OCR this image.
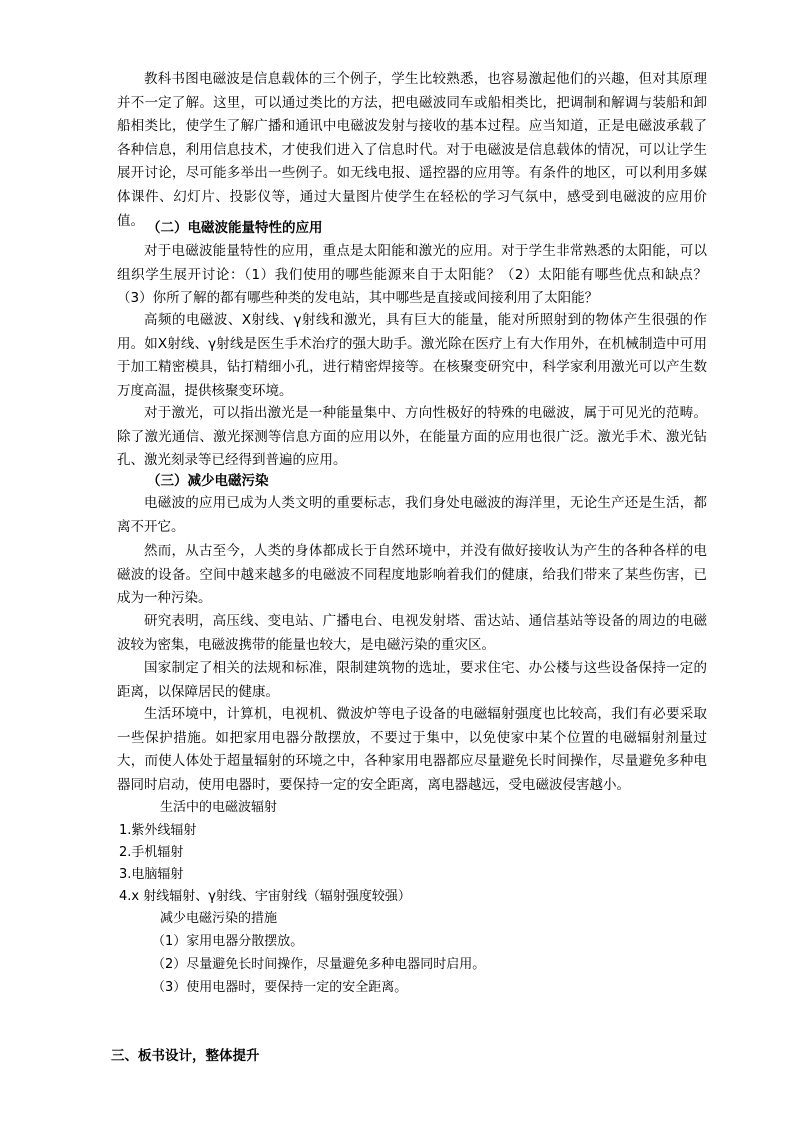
教科书图电磁波是信息载体的三个例子，学生比较熟悉，也容易激起他们的兴趣，但对其原理并不一定了解。这里，可以通过类比的方法，把电磁波同车或船相类比，把调制和解调与装船和卸船相类比，使学生了解广播和通讯中电磁波发射与接收的基本过程。应当知道，正是电磁波承载了各种信息，利用信息技术，才使我们进入了信息时代。对于电磁波是信息载体的情况，可以让学生展开讨论，尽可能多举出一些例子。如无线电报、遥控器的应用等。有条件的地区，可以利用多媒体课件、幻灯片、投影仪等，通过大量图片使学生在轻松的学习气氛中，感受到电磁波的应用价值。 （二）电磁波能量特性的应用

对于电磁波能量特性的应用，重点是太阳能和激光的应用。对于学生非常熟悉的太阳能，可以组织学生展开讨论：（1）我们使用的哪些能源来自于太阳能？（2）太阳能有哪些优点和缺点？（3）你所了解的都有哪些种类的发电站，其中哪些是直接或间接利用了太阳能？

高频的电磁波、X射线、γ射线和激光，具有巨大的能量，能对所照射到的物体产生很强的作用。如X射线、γ射线是医生手术治疗的强大助手。激光除在医疗上有大作用外，在机械制造中可用于加工精密模具，钻打精细小孔，进行精密焊接等。在核聚变研究中，科学家利用激光可以产生数万度高温，提供核聚变环境。

对于激光，可以指出激光是一种能量集中、方向性极好的特殊的电磁波，属于可见光的范畴。除了激光通信、激光探测等信息方面的应用以外，在能量方面的应用也很广泛。激光手术、激光钻孔、激光刻录等已经得到普遍的应用。

（三）减少电磁污染

电磁波的应用已成为人类文明的重要标志，我们身处电磁波的海洋里，无论生产还是生活，都离不开它。

然而，从古至今，人类的身体都成长于自然环境中，并没有做好接收认为产生的各种各样的电磁波的设备。空间中越来越多的电磁波不同程度地影响着我们的健康，给我们带来了某些伤害，已成为一种污染。

研究表明，高压线、变电站、广播电台、电视发射塔、雷达站、通信基站等设备的周边的电磁波较为密集，电磁波携带的能量也较大，是电磁污染的重灾区。

国家制定了相关的法规和标准，限制建筑物的选址，要求住宅、办公楼与这些设备保持一定的距离，以保障居民的健康。

生活环境中，计算机，电视机、微波炉等电子设备的电磁辐射强度也比较高，我们有必要采取一些保护措施。如把家用电器分散摆放，不要过于集中，以免使家中某个位置的电磁辐射剂量过大，而使人体处于超量辐射的环境之中，各种家用电器都应尽量避免长时间操作，尽量避免多种电器同时启动，使用电器时，要保持一定的安全距离，离电器越远，受电磁波侵害越小。

生活中的电磁波辐射

1.紫外线辐射

2.手机辐射

3.电脑辐射

4.x 射线辐射、γ射线、宇宙射线（辐射强度较强）

减少电磁污染的措施

（1）家用电器分散摆放。

（2）尽量避免长时间操作，尽量避免多种电器同时启用。

（3）使用电器时，要保持一定的安全距离。

三、板书设计，整体提升
